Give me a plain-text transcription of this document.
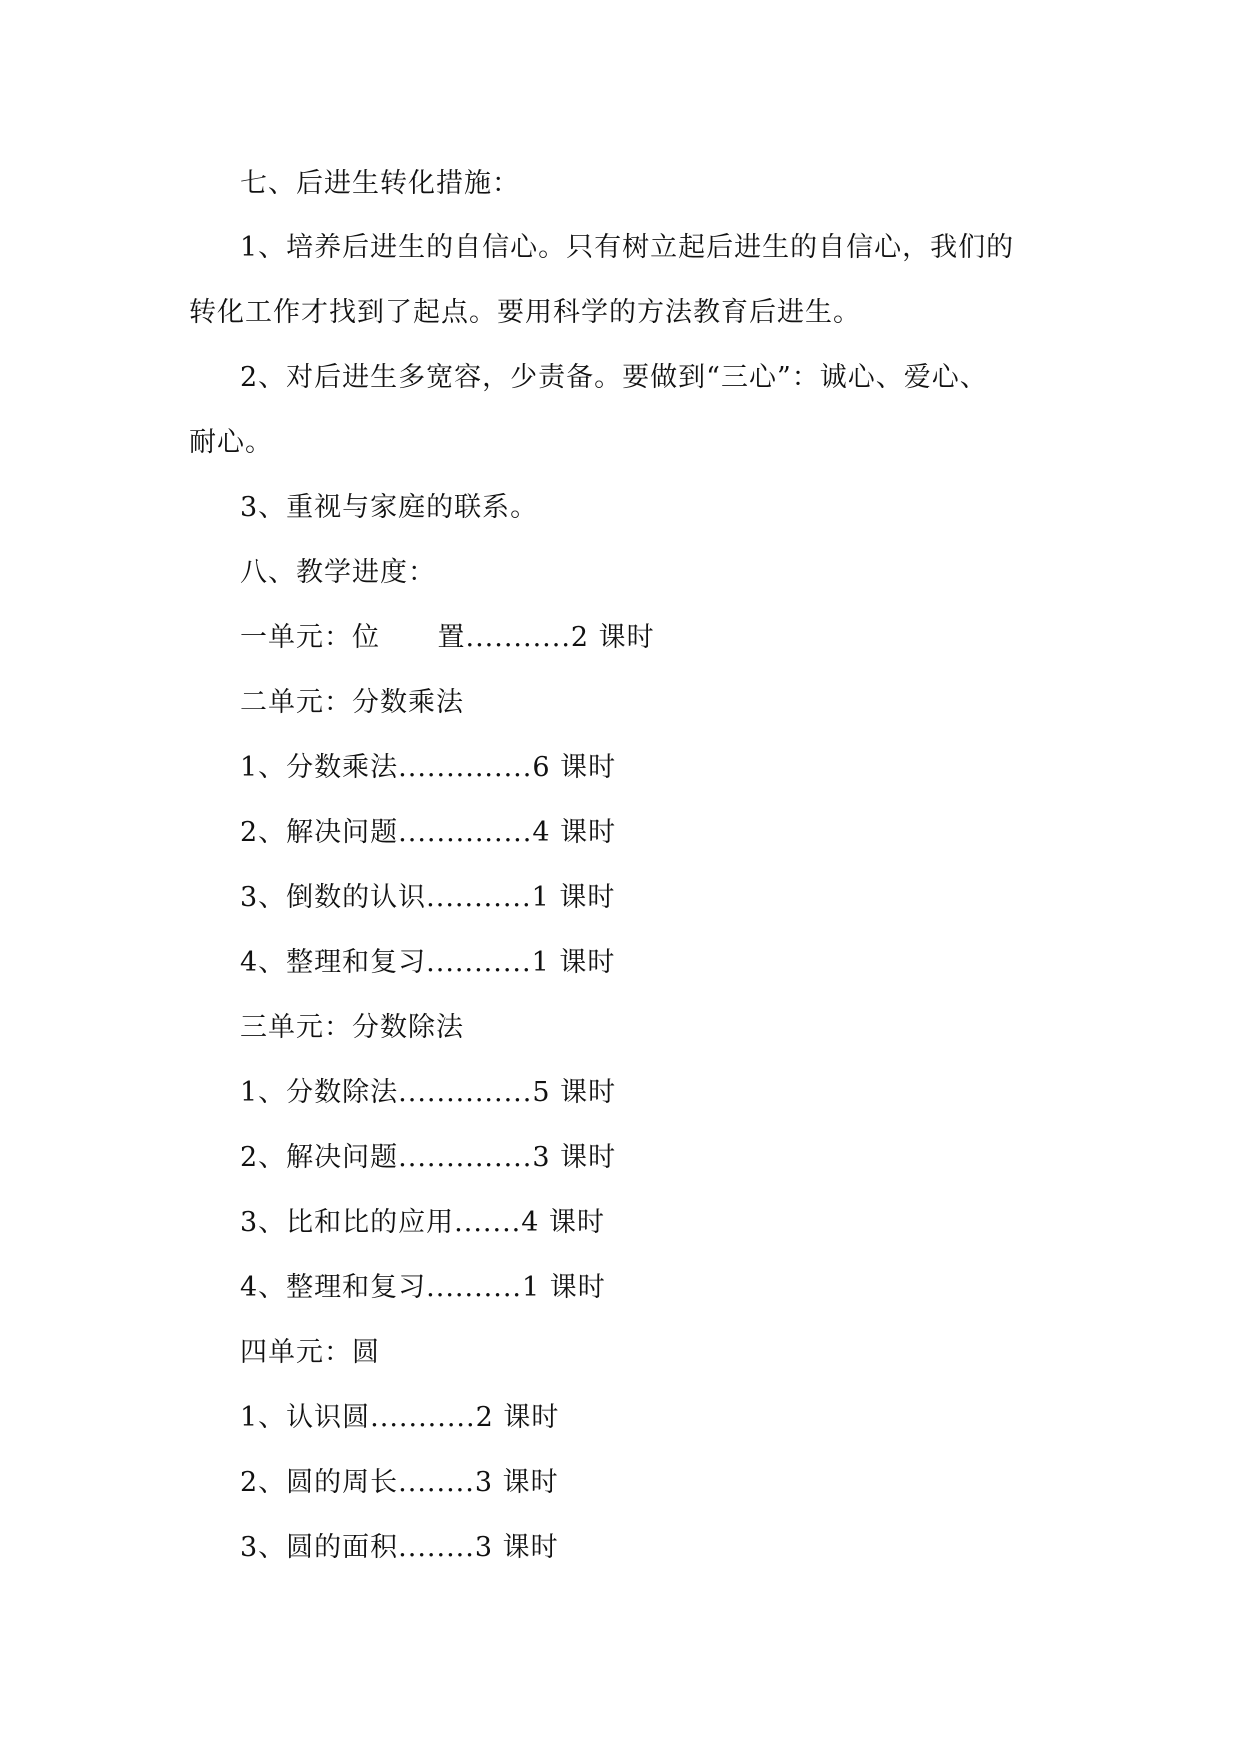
七、后进生转化措施：
1、培养后进生的自信心。只有树立起后进生的自信心，我们的
转化工作才找到了起点。要用科学的方法教育后进生。
2、对后进生多宽容，少责备。要做到“三心”：诚心、爱心、
耐心。
3、重视与家庭的联系。
八、教学进度：
一单元：位      置...........2 课时
二单元：分数乘法
1、分数乘法..............6 课时
2、解决问题..............4 课时
3、倒数的认识...........1 课时
4、整理和复习...........1 课时
三单元：分数除法
1、分数除法..............5 课时
2、解决问题..............3 课时
3、比和比的应用.......4 课时
4、整理和复习..........1 课时
四单元：圆
1、认识圆...........2 课时
2、圆的周长........3 课时
3、圆的面积........3 课时
